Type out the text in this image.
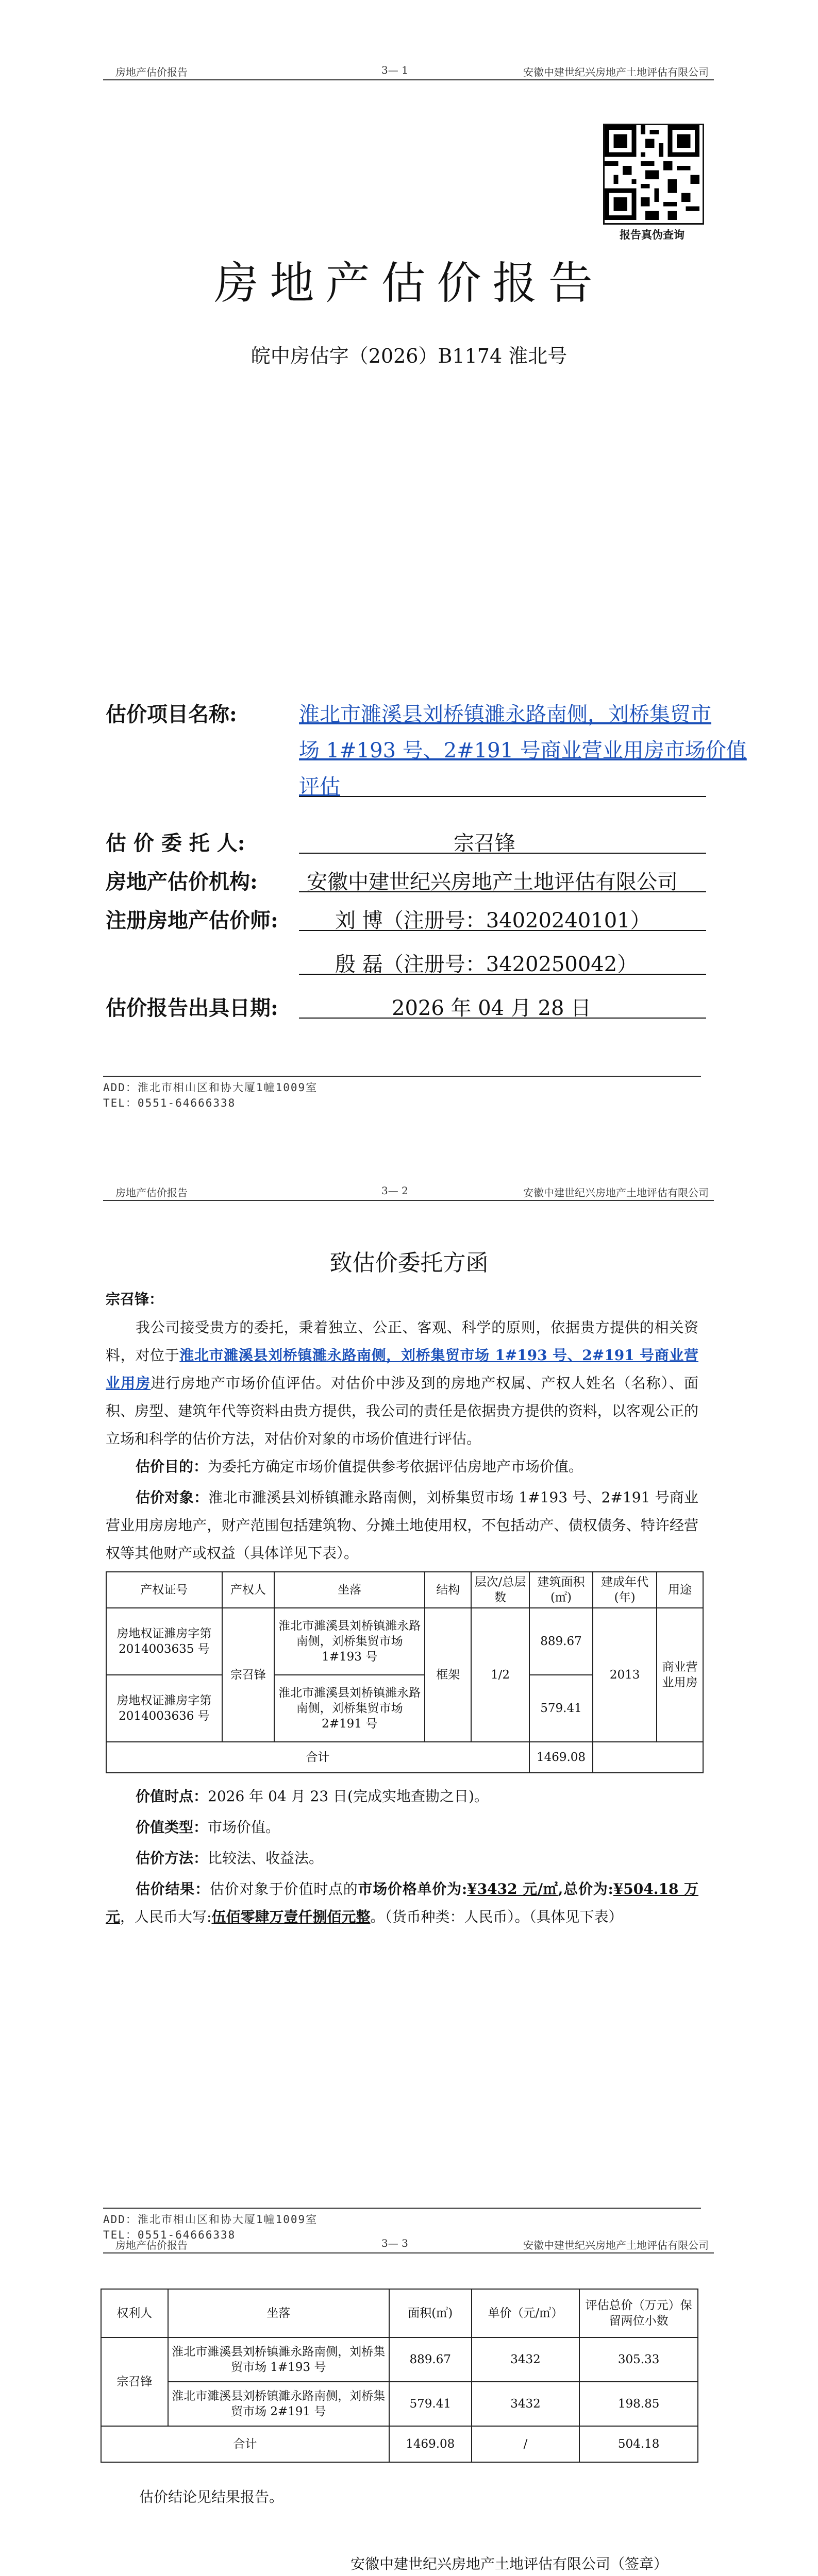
房地产估价报告	3— 1	安徽中建世纪兴房地产土地评估有限公司
报告真伪查询
房地产估价报告
皖中房估字（2026）B1174 淮北号
估价项目名称:	淮北市濉溪县刘桥镇濉永路南侧，刘桥集贸市
场 1#193 号、2#191 号商业营业用房市场价值
评估
估 价 委 托 人:	宗召锋
房地产估价机构: 安徽中建世纪兴房地产土地评估有限公司
注册房地产估价师:	刘 博（注册号：34020240101）
殷 磊（注册号：3420250042）
估价报告出具日期:	2026 年 04 月 28 日
ADD：淮北市相山区和协大厦1幢1009室
TEL：0551-64666338
房地产估价报告	3— 2	安徽中建世纪兴房地产土地评估有限公司
致估价委托方函
宗召锋：
我公司接受贵方的委托，秉着独立、公正、客观、科学的原则，依据贵方提供的相关资料，对位于淮北市濉溪县刘桥镇濉永路南侧，刘桥集贸市场 1#193 号、2#191 号商业营业用房进行房地产市场价值评估。对估价中涉及到的房地产权属、产权人姓名（名称）、面积、房型、建筑年代等资料由贵方提供，我公司的责任是依据贵方提供的资料，以客观公正的立场和科学的估价方法，对估价对象的市场价值进行评估。
估价目的：为委托方确定市场价值提供参考依据评估房地产市场价值。
估价对象：淮北市濉溪县刘桥镇濉永路南侧，刘桥集贸市场 1#193 号、2#191 号商业营业用房房地产，财产范围包括建筑物、分摊土地使用权，不包括动产、债权债务、特许经营权等其他财产或权益（具体详见下表）。
产权证号	产权人	坐落	结构	层次/总层数	建筑面积(㎡)	建成年代(年)	用途
房地权证濉房字第 2014003635 号	宗召锋	淮北市濉溪县刘桥镇濉永路南侧，刘桥集贸市场 1#193 号	框架	1/2	889.67	2013	商业营业用房
房地权证濉房字第 2014003636 号		淮北市濉溪县刘桥镇濉永路南侧，刘桥集贸市场 2#191 号			579.41		
合计					1469.08		
价值时点：2026 年 04 月 23 日(完成实地查勘之日)。
价值类型：市场价值。
估价方法：比较法、收益法。
估价结果：估价对象于价值时点的市场价格单价为:¥3432 元/㎡,总价为:¥504.18 万元，人民币大写:伍佰零肆万壹仟捌佰元整。（货币种类：人民币）。（具体见下表）
ADD：淮北市相山区和协大厦1幢1009室
TEL：0551-64666338
房地产估价报告	3— 3	安徽中建世纪兴房地产土地评估有限公司
权利人	坐落	面积(㎡)	单价（元/㎡）	评估总价（万元）保留两位小数
宗召锋	淮北市濉溪县刘桥镇濉永路南侧，刘桥集贸市场 1#193 号	889.67	3432	305.33
	淮北市濉溪县刘桥镇濉永路南侧，刘桥集贸市场 2#191 号	579.41	3432	198.85
合计		1469.08	/	504.18
估价结论见结果报告。
安徽中建世纪兴房地产土地评估有限公司（签章）
